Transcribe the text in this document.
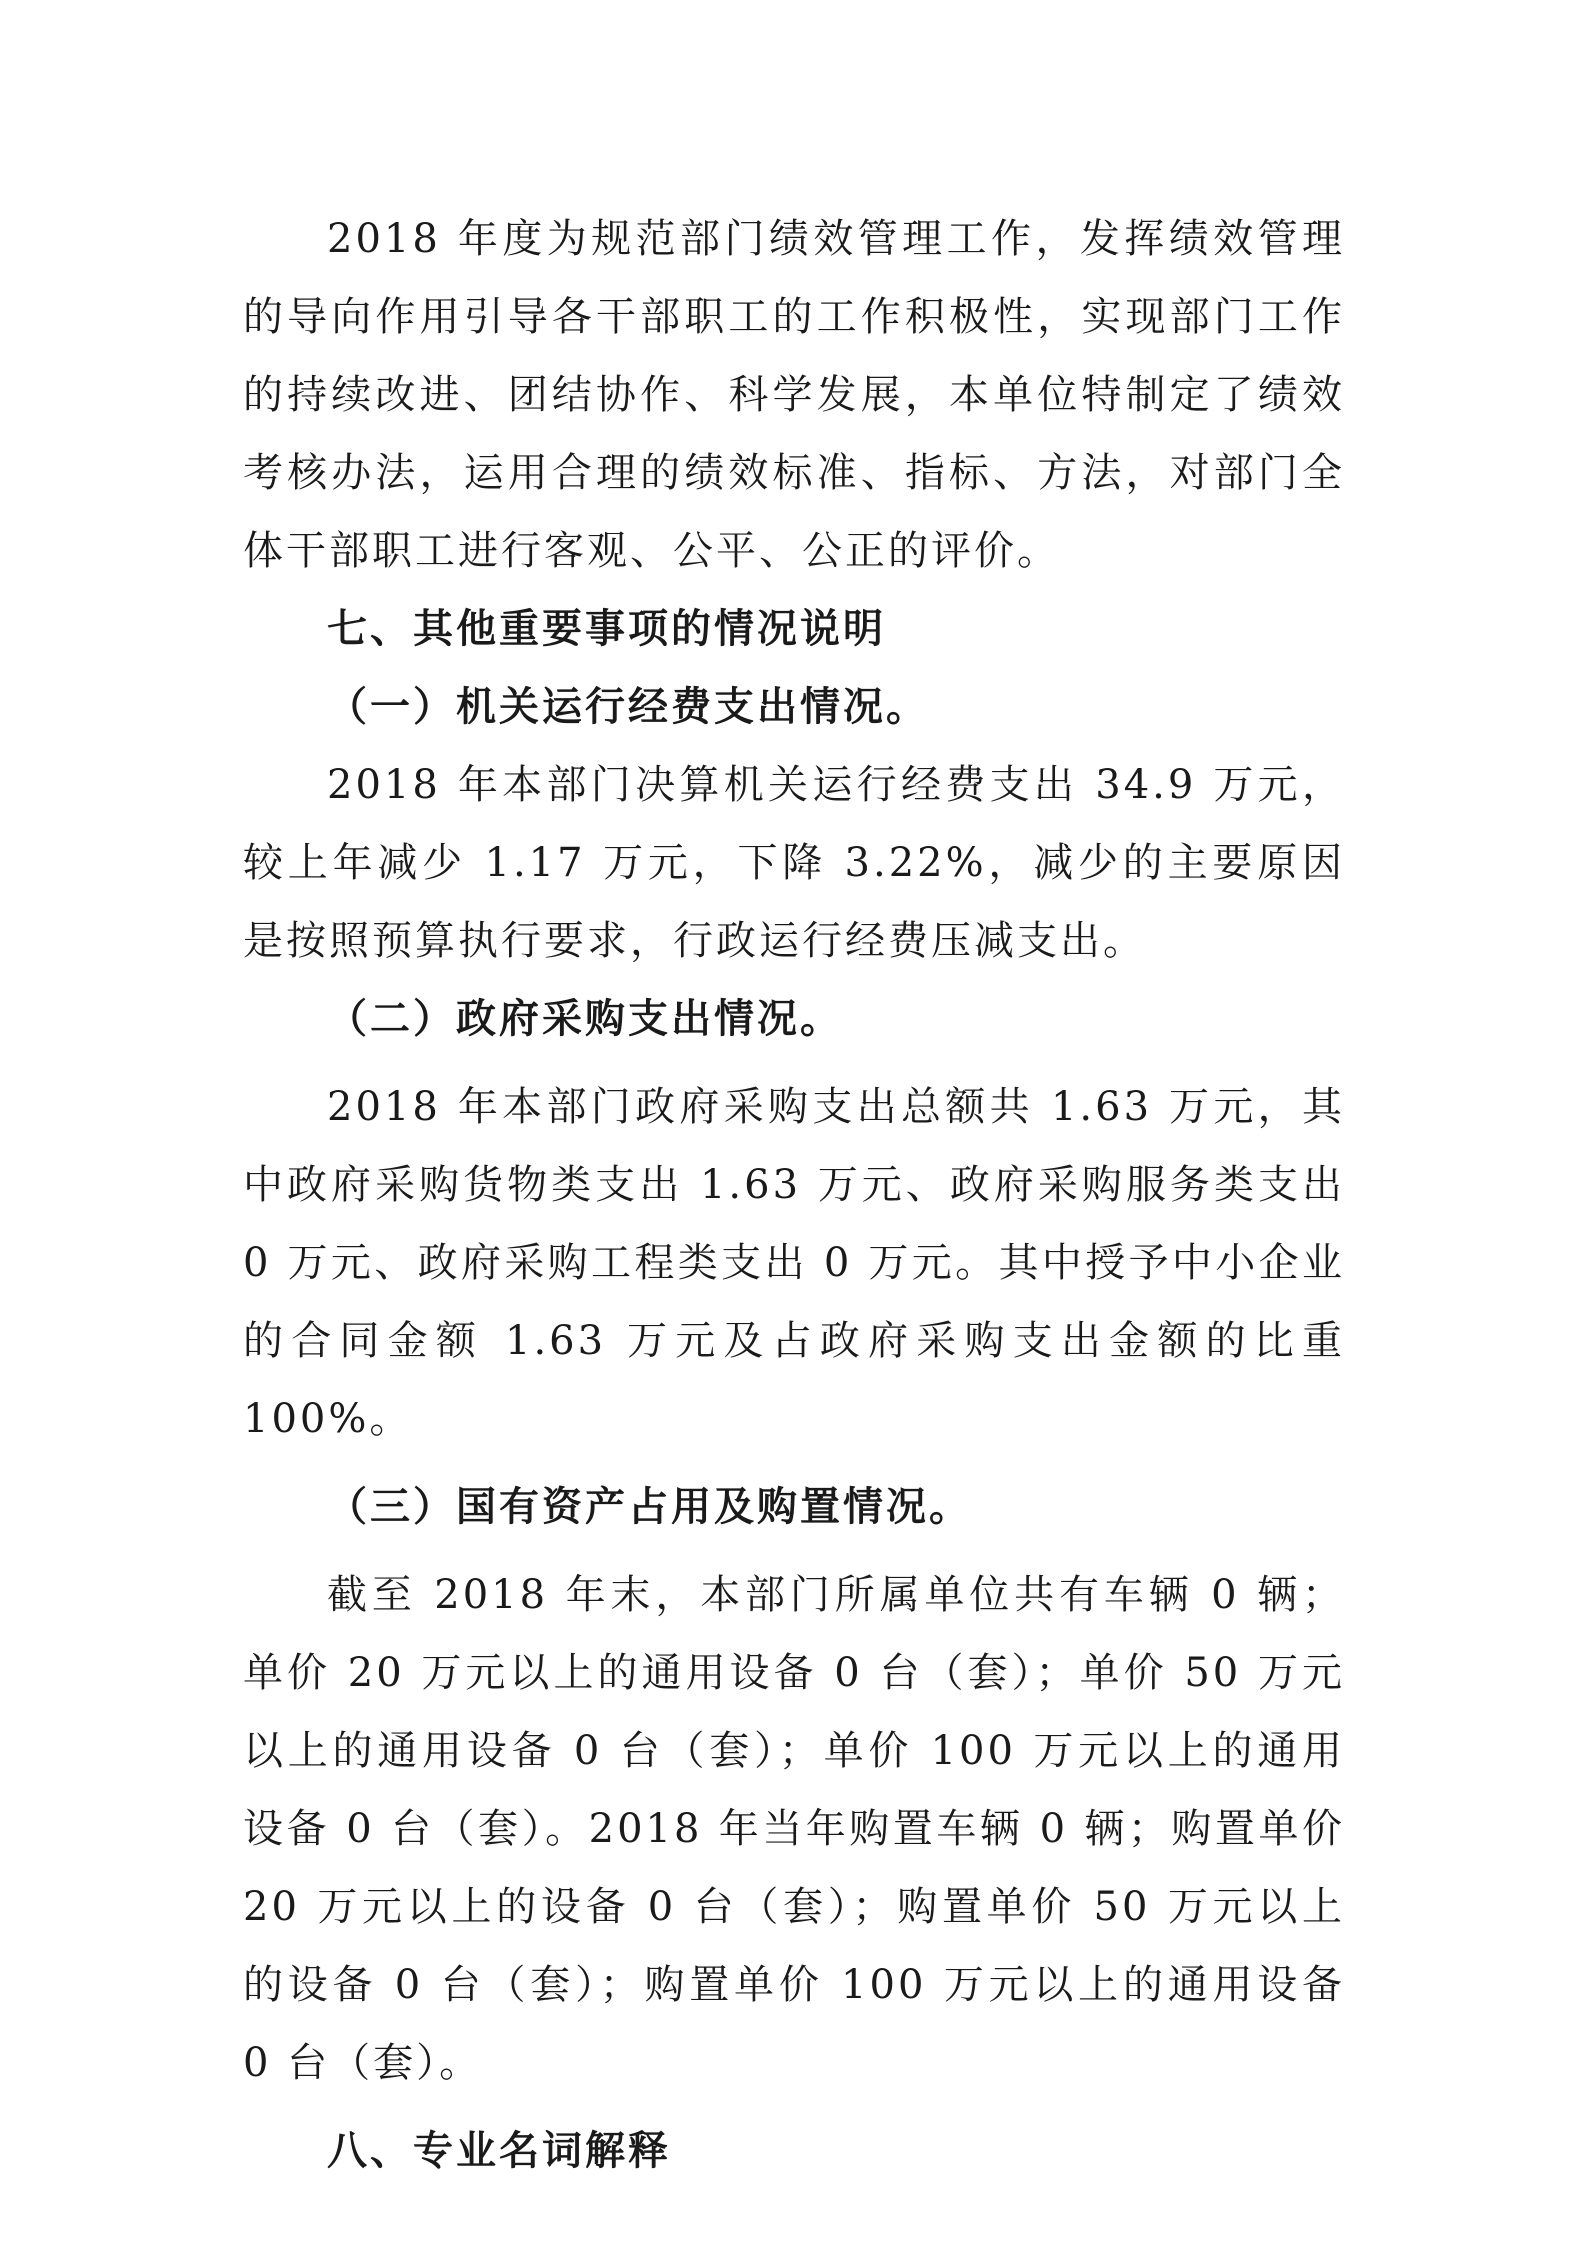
2018 年度为规范部门绩效管理工作，发挥绩效管理的导向作用引导各干部职工的工作积极性，实现部门工作的持续改进、团结协作、科学发展，本单位特制定了绩效考核办法，运用合理的绩效标准、指标、方法，对部门全体干部职工进行客观、公平、公正的评价。

七、其他重要事项的情况说明

（一）机关运行经费支出情况。

2018 年本部门决算机关运行经费支出 34.9 万元，较上年减少 1.17 万元，下降 3.22%，减少的主要原因是按照预算执行要求，行政运行经费压减支出。

（二）政府采购支出情况。

2018 年本部门政府采购支出总额共 1.63 万元，其中政府采购货物类支出 1.63 万元、政府采购服务类支出 0 万元、政府采购工程类支出 0 万元。其中授予中小企业的合同金额 1.63 万元及占政府采购支出金额的比重 100%。

（三）国有资产占用及购置情况。

截至 2018 年末，本部门所属单位共有车辆 0 辆；单价 20 万元以上的通用设备 0 台（套）；单价 50 万元以上的通用设备 0 台（套）；单价 100 万元以上的通用设备 0 台（套）。2018 年当年购置车辆 0 辆；购置单价 20 万元以上的设备 0 台（套）；购置单价 50 万元以上的设备 0 台（套）；购置单价 100 万元以上的通用设备 0 台（套）。

八、专业名词解释
